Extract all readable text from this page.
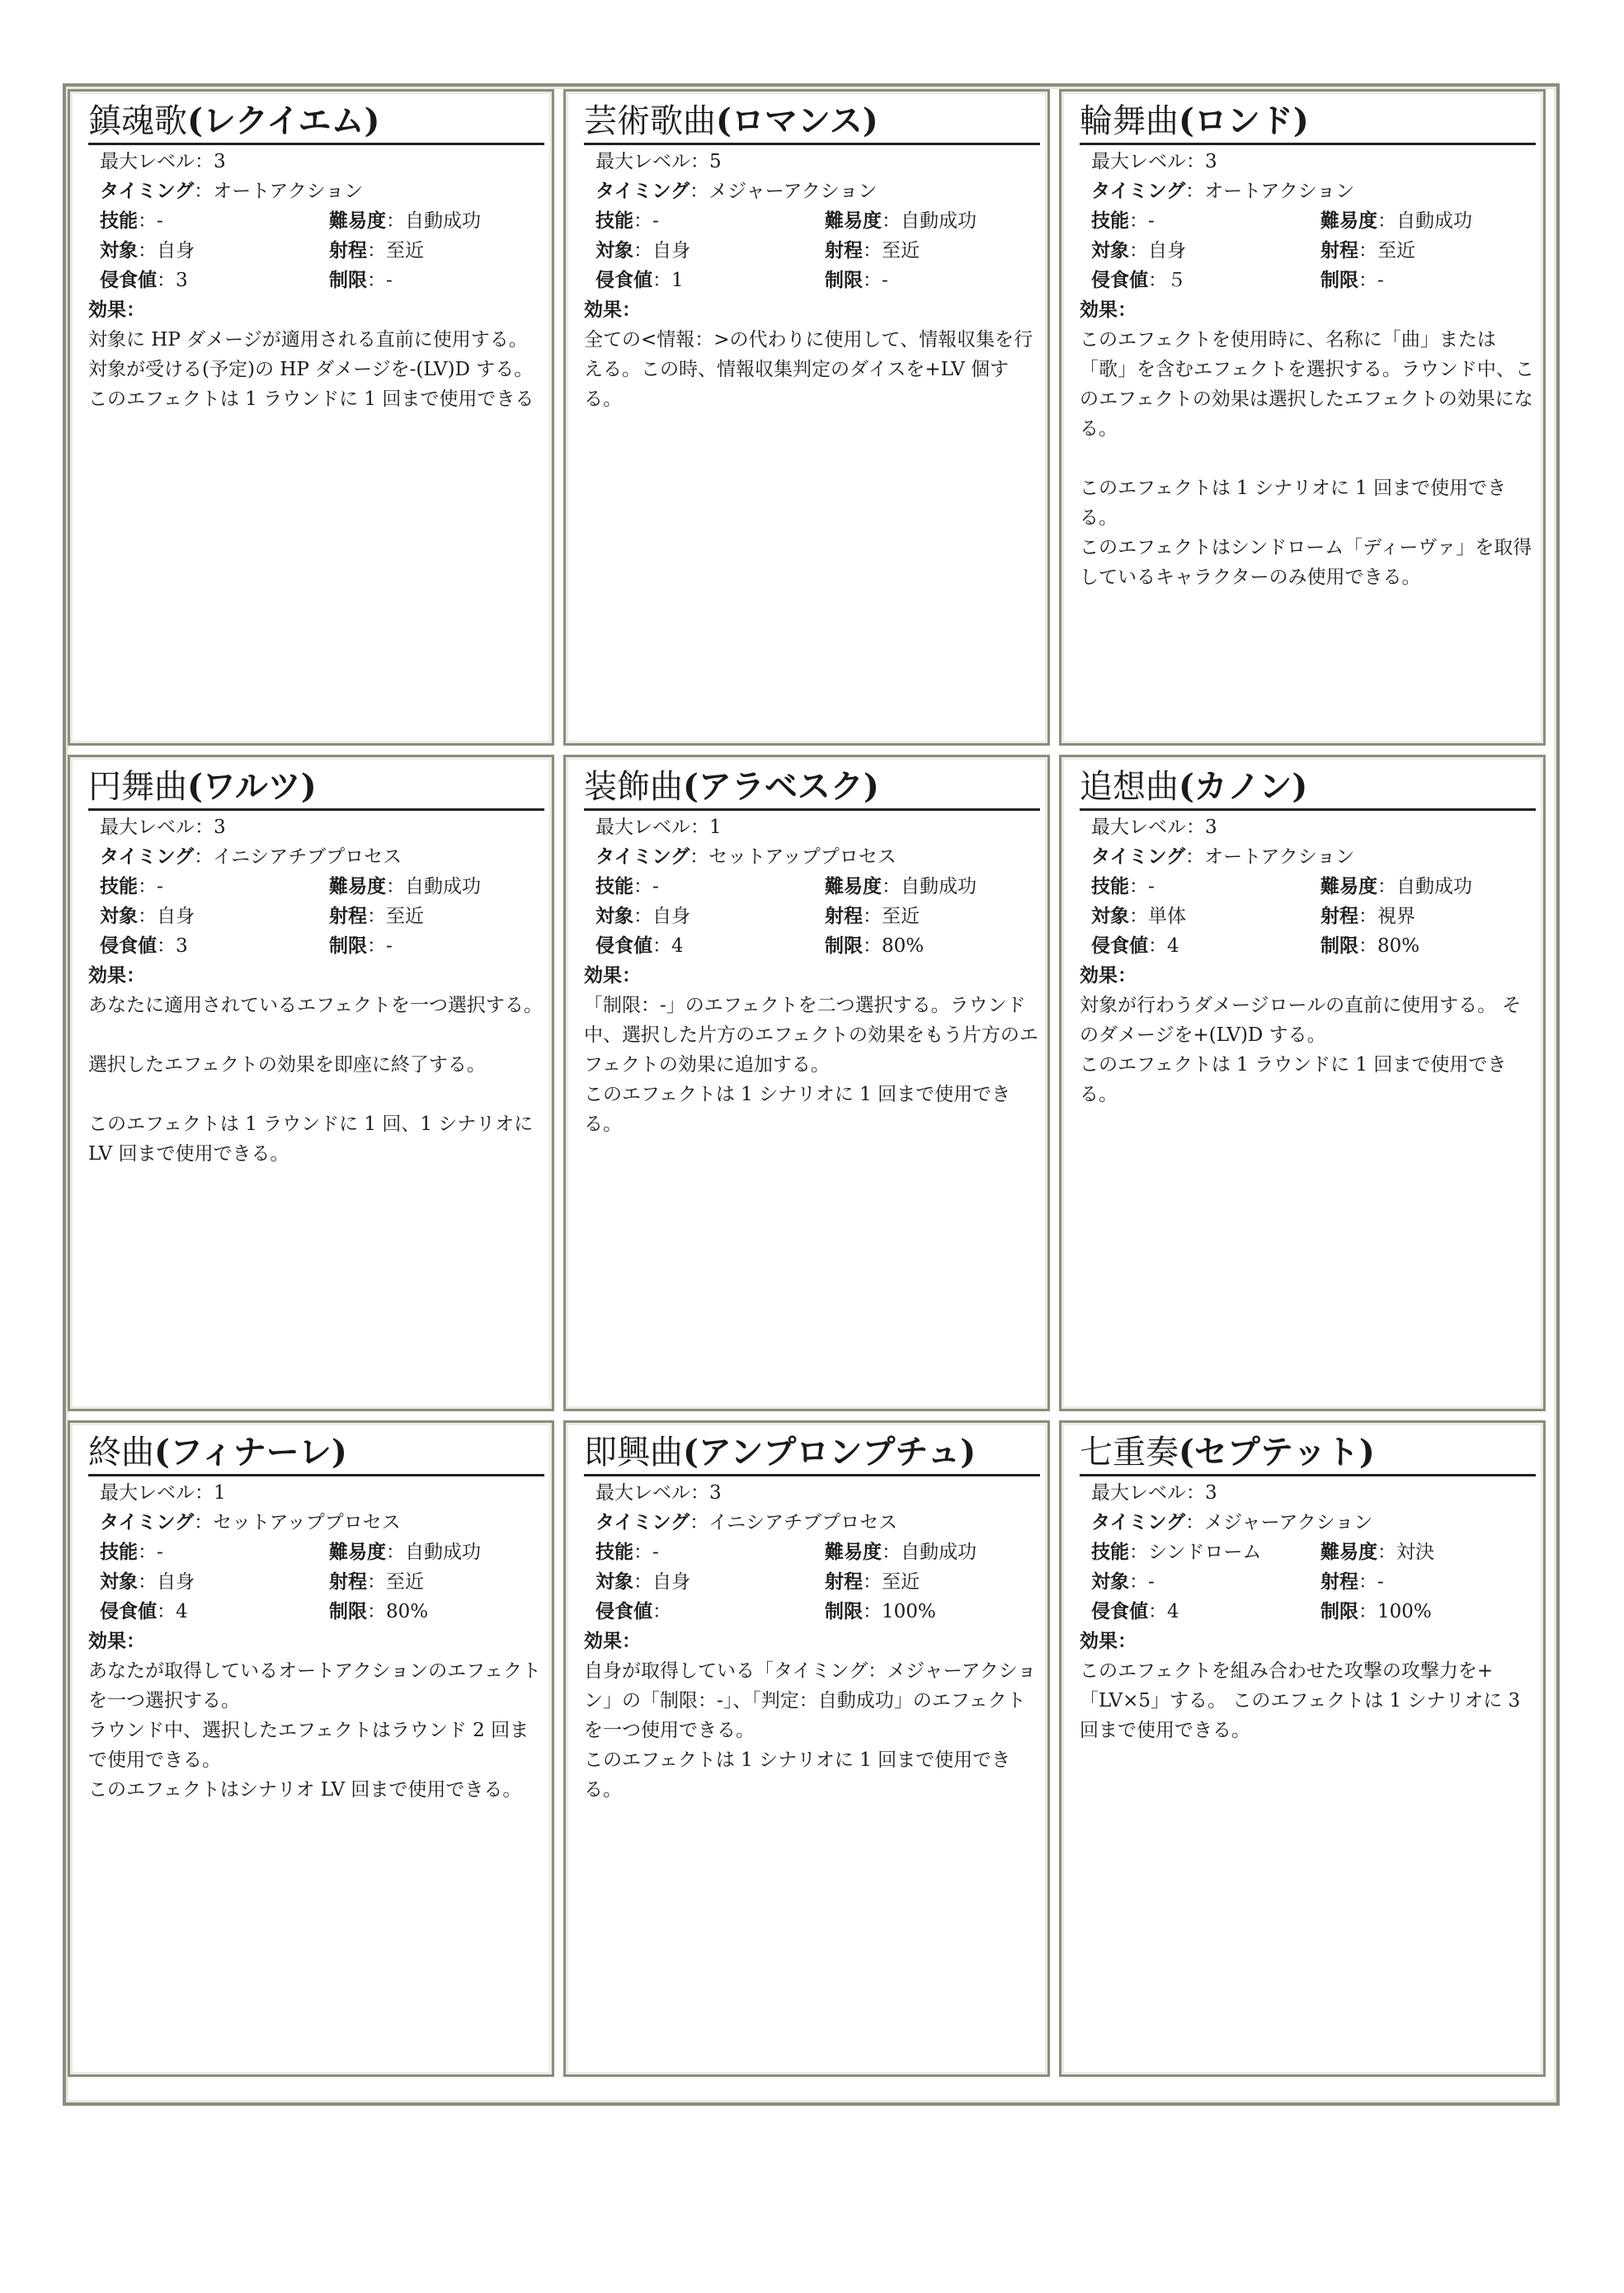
鎮魂歌(レクイエム)
最大レベル：3
タイミング：オートアクション
技能：-	難易度：自動成功
対象：自身	射程：至近
侵食値：3	制限：-
効果：

対象に HP ダメージが適用される直前に使用する。対象が受ける(予定)の HP ダメージを-(LV)D する。

このエフェクトは 1 ラウンドに 1 回まで使用できる

芸術歌曲(ロマンス)
最大レベル：5
タイミング：メジャーアクション
技能：-	難易度：自動成功
対象：自身	射程：至近
侵食値：1	制限：-
効果：

全ての<情報：>の代わりに使用して、情報収集を行える。この時、情報収集判定のダイスを+LV 個する。

輪舞曲(ロンド)
最大レベル：3
タイミング：オートアクション
技能：-	難易度：自動成功
対象：自身	射程：至近
侵食値：５	制限：-
効果：

このエフェクトを使用時に、名称に「曲」または「歌」を含むエフェクトを選択する。ラウンド中、このエフェクトの効果は選択したエフェクトの効果になる。

このエフェクトは 1 シナリオに 1 回まで使用できる。

このエフェクトはシンドローム「ディーヴァ」を取得しているキャラクターのみ使用できる。

円舞曲(ワルツ)
最大レベル：3
タイミング：イニシアチブプロセス
技能：-	難易度：自動成功
対象：自身	射程：至近
侵食値：3	制限：-
効果：

あなたに適用されているエフェクトを一つ選択する。

選択したエフェクトの効果を即座に終了する。

このエフェクトは 1 ラウンドに 1 回、1 シナリオに LV 回まで使用できる。

装飾曲(アラベスク)
最大レベル：1
タイミング：セットアッププロセス
技能：-	難易度：自動成功
対象：自身	射程：至近
侵食値：4	制限：80%
効果：

「制限：-」のエフェクトを二つ選択する。ラウンド中、選択した片方のエフェクトの効果をもう片方のエフェクトの効果に追加する。

このエフェクトは 1 シナリオに 1 回まで使用できる。

追想曲(カノン)
最大レベル：3
タイミング：オートアクション
技能：-	難易度：自動成功
対象：単体	射程：視界
侵食値：4	制限：80%
効果：

対象が行わうダメージロールの直前に使用する。 そのダメージを+(LV)D する。

このエフェクトは 1 ラウンドに 1 回まで使用できる。

終曲(フィナーレ)
最大レベル：1
タイミング：セットアッププロセス
技能：-	難易度：自動成功
対象：自身	射程：至近
侵食値：4	制限：80%
効果：

あなたが取得しているオートアクションのエフェクトを一つ選択する。

ラウンド中、選択したエフェクトはラウンド 2 回まで使用できる。

このエフェクトはシナリオ LV 回まで使用できる。

即興曲(アンプロンプチュ)
最大レベル：3
タイミング：イニシアチブプロセス
技能：-	難易度：自動成功
対象：自身	射程：至近
侵食値：	制限：100%
効果：

自身が取得している「タイミング：メジャーアクション」の「制限：-」、「判定：自動成功」のエフェクトを一つ使用できる。

このエフェクトは 1 シナリオに 1 回まで使用できる。

七重奏(セプテット)
最大レベル：3
タイミング：メジャーアクション
技能：シンドローム	難易度：対決
対象：-	射程：-
侵食値：4	制限：100%
効果：

このエフェクトを組み合わせた攻撃の攻撃力を+「LV×5」する。 このエフェクトは 1 シナリオに 3 回まで使用できる。
